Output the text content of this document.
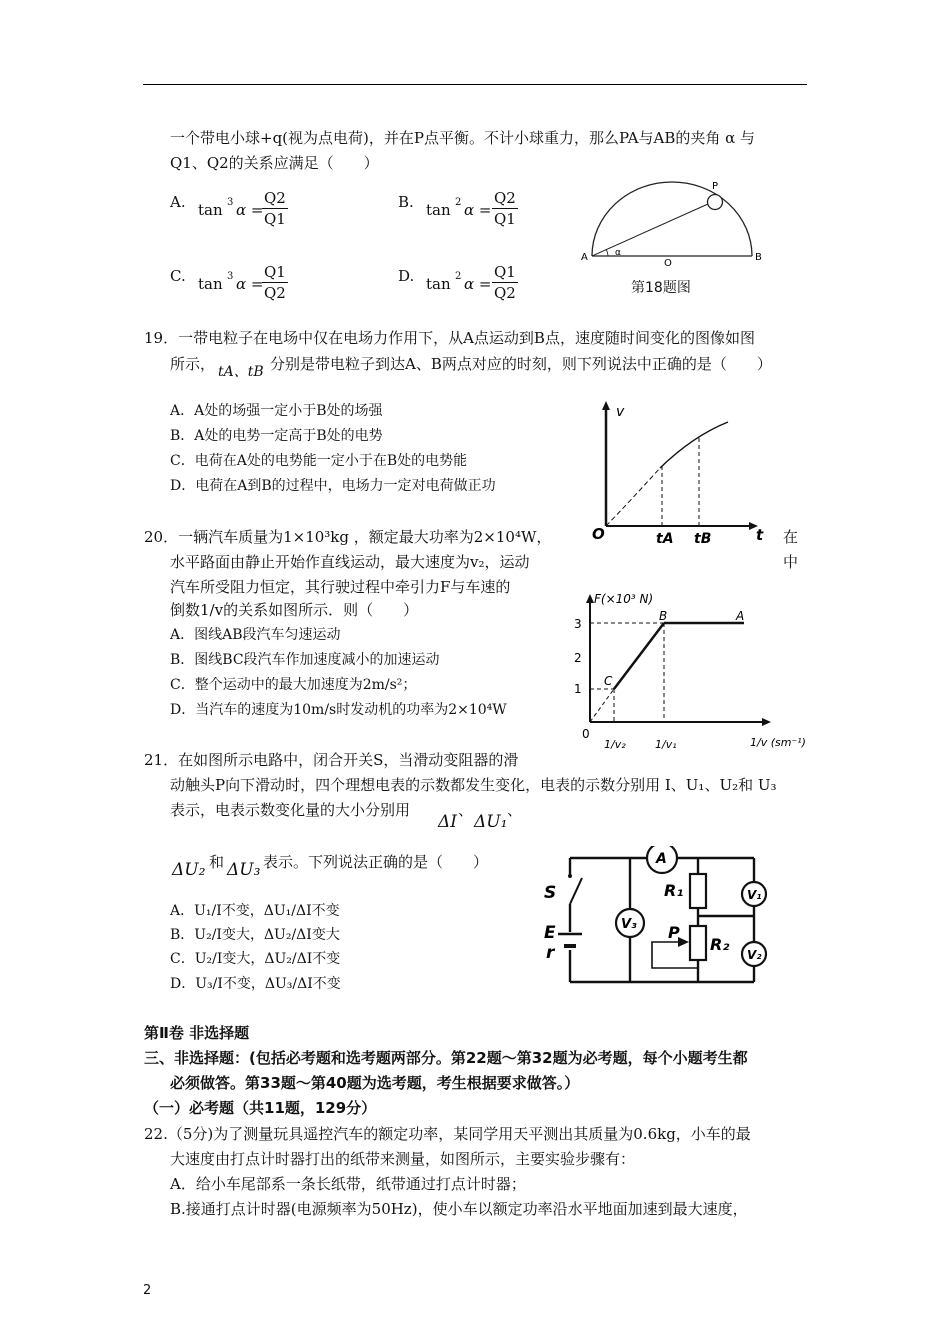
一个带电小球+q(视为点电荷)，并在P点平衡。不计小球重力，那么PA与AB的夹角 α 与
Q1、Q2的关系应满足（　　）
A. tan 3 α =
$\frac{Q2}{Q1}$	B. tan 2 $\alpha = \frac{Q2}{Q1}$
C. tan 3 α =
$\frac{Q1}{Q2}$	D. tan 2 $\alpha = \frac{Q1}{Q2}$
A	B
O
P
α
第18题图
19．一带电粒子在电场中仅在电场力作用下，从A点运动到B点，速度随时间变化的图像如图
所示， tA、tB 分别是带电粒子到达A、B两点对应的时刻，则下列说法中正确的是（　　）
A．A处的场强一定小于B处的场强
B．A处的电势一定高于B处的电势
C．电荷在A处的电势能一定小于在B处的电势能
D．电荷在A到B的过程中，电场力一定对电荷做正功
v
O	tA tB	t
20．一辆汽车质量为1×10³kg ，额定最大功率为2×10⁴W，	在
水平路面由静止开始作直线运动，最大速度为v₂，运动	中
汽车所受阻力恒定，其行驶过程中牵引力F与车速的
倒数1/v的关系如图所示．则（　　）
A．图线AB段汽车匀速运动
B．图线BC段汽车作加速度减小的加速运动
C．整个运动中的最大加速度为2m/s²；
D．当汽车的速度为10m/s时发动机的功率为2×10⁴W
F(×10³ N)
3
2
1
0
C
B	A
1/v₂	1/v₁	1/v (sm⁻¹)
21．在如图所示电路中，闭合开关S，当滑动变阻器的滑
动触头P向下滑动时，四个理想电表的示数都发生变化，电表的示数分别用 I、U₁、U₂和 U₃
表示，电表示数变化量的大小分别用	、 、
ΔI ΔU₁
ΔU₂ 和 ΔU₃ 表示。下列说法正确的是（　　）
A．U₁/I不变，ΔU₁/ΔI不变
B．U₂/I变大，ΔU₂/ΔI变大
C．U₂/I变大，ΔU₂/ΔI不变
D．U₃/I不变，ΔU₃/ΔI不变
S
E
r
A
V₃
V₁
V₂
R₁
R₂
P
第Ⅱ卷 非选择题
三、非选择题：(包括必考题和选考题两部分。第22题～第32题为必考题，每个小题考生都
必须做答。第33题～第40题为选考题，考生根据要求做答。）
（一）必考题（共11题，129分）
22.（5分)为了测量玩具遥控汽车的额定功率，某同学用天平测出其质量为0.6kg，小车的最
大速度由打点计时器打出的纸带来测量，如图所示，主要实验步骤有：
A．给小车尾部系一条长纸带，纸带通过打点计时器；
B.接通打点计时器(电源频率为50Hz)，使小车以额定功率沿水平地面加速到最大速度，
2
